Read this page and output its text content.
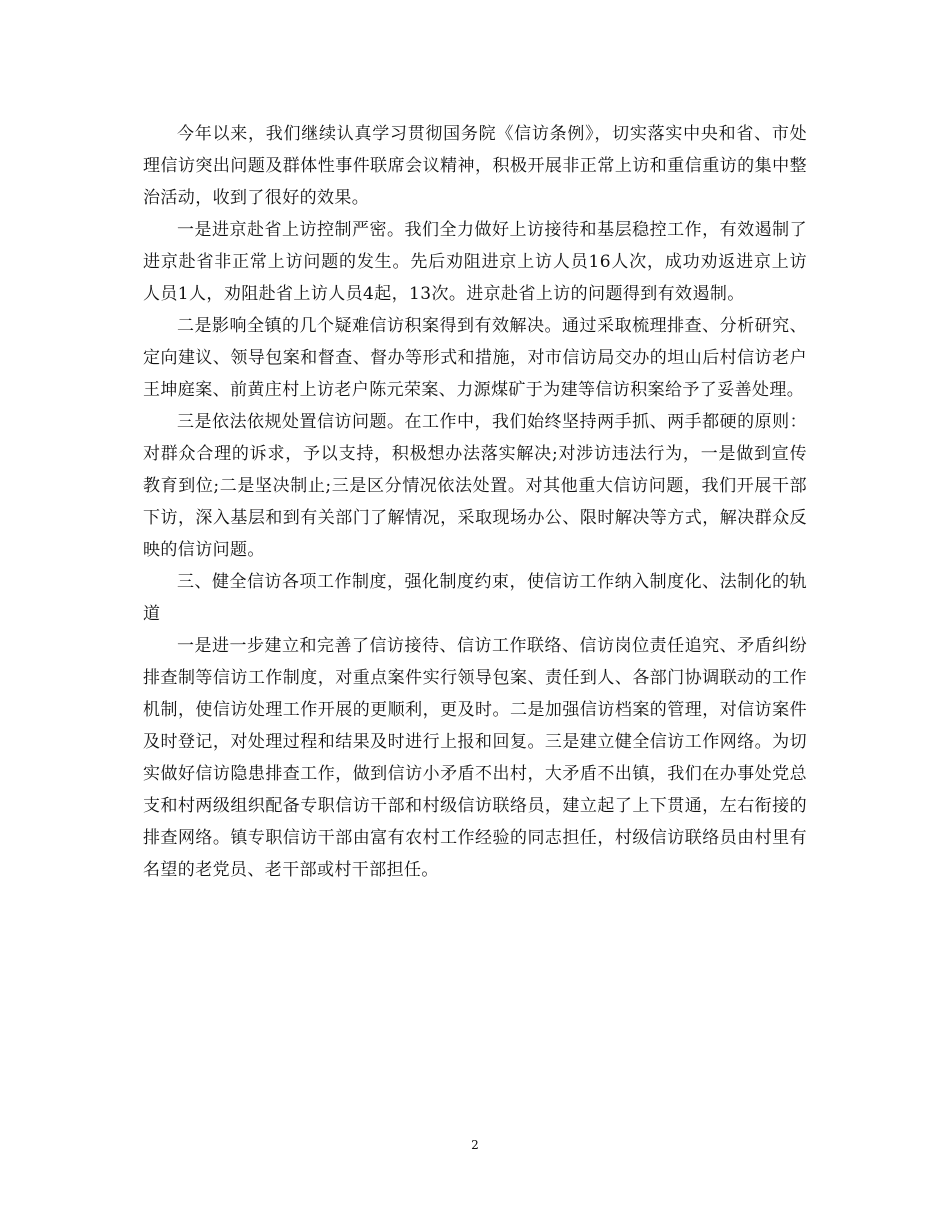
今年以来，我们继续认真学习贯彻国务院《信访条例》，切实落实中央和省、市处理信访突出问题及群体性事件联席会议精神，积极开展非正常上访和重信重访的集中整治活动，收到了很好的效果。

一是进京赴省上访控制严密。我们全力做好上访接待和基层稳控工作，有效遏制了进京赴省非正常上访问题的发生。先后劝阻进京上访人员16人次，成功劝返进京上访人员1人，劝阻赴省上访人员4起，13次。进京赴省上访的问题得到有效遏制。

二是影响全镇的几个疑难信访积案得到有效解决。通过采取梳理排查、分析研究、定向建议、领导包案和督查、督办等形式和措施，对市信访局交办的坦山后村信访老户王坤庭案、前黄庄村上访老户陈元荣案、力源煤矿于为建等信访积案给予了妥善处理。

三是依法依规处置信访问题。在工作中，我们始终坚持两手抓、两手都硬的原则：对群众合理的诉求，予以支持，积极想办法落实解决;对涉访违法行为，一是做到宣传教育到位;二是坚决制止;三是区分情况依法处置。对其他重大信访问题，我们开展干部下访，深入基层和到有关部门了解情况，采取现场办公、限时解决等方式，解决群众反映的信访问题。

三、健全信访各项工作制度，强化制度约束，使信访工作纳入制度化、法制化的轨道

一是进一步建立和完善了信访接待、信访工作联络、信访岗位责任追究、矛盾纠纷排查制等信访工作制度，对重点案件实行领导包案、责任到人、各部门协调联动的工作机制，使信访处理工作开展的更顺利，更及时。二是加强信访档案的管理，对信访案件及时登记，对处理过程和结果及时进行上报和回复。三是建立健全信访工作网络。为切实做好信访隐患排查工作，做到信访小矛盾不出村，大矛盾不出镇，我们在办事处党总支和村两级组织配备专职信访干部和村级信访联络员，建立起了上下贯通，左右衔接的排查网络。镇专职信访干部由富有农村工作经验的同志担任，村级信访联络员由村里有名望的老党员、老干部或村干部担任。

2
